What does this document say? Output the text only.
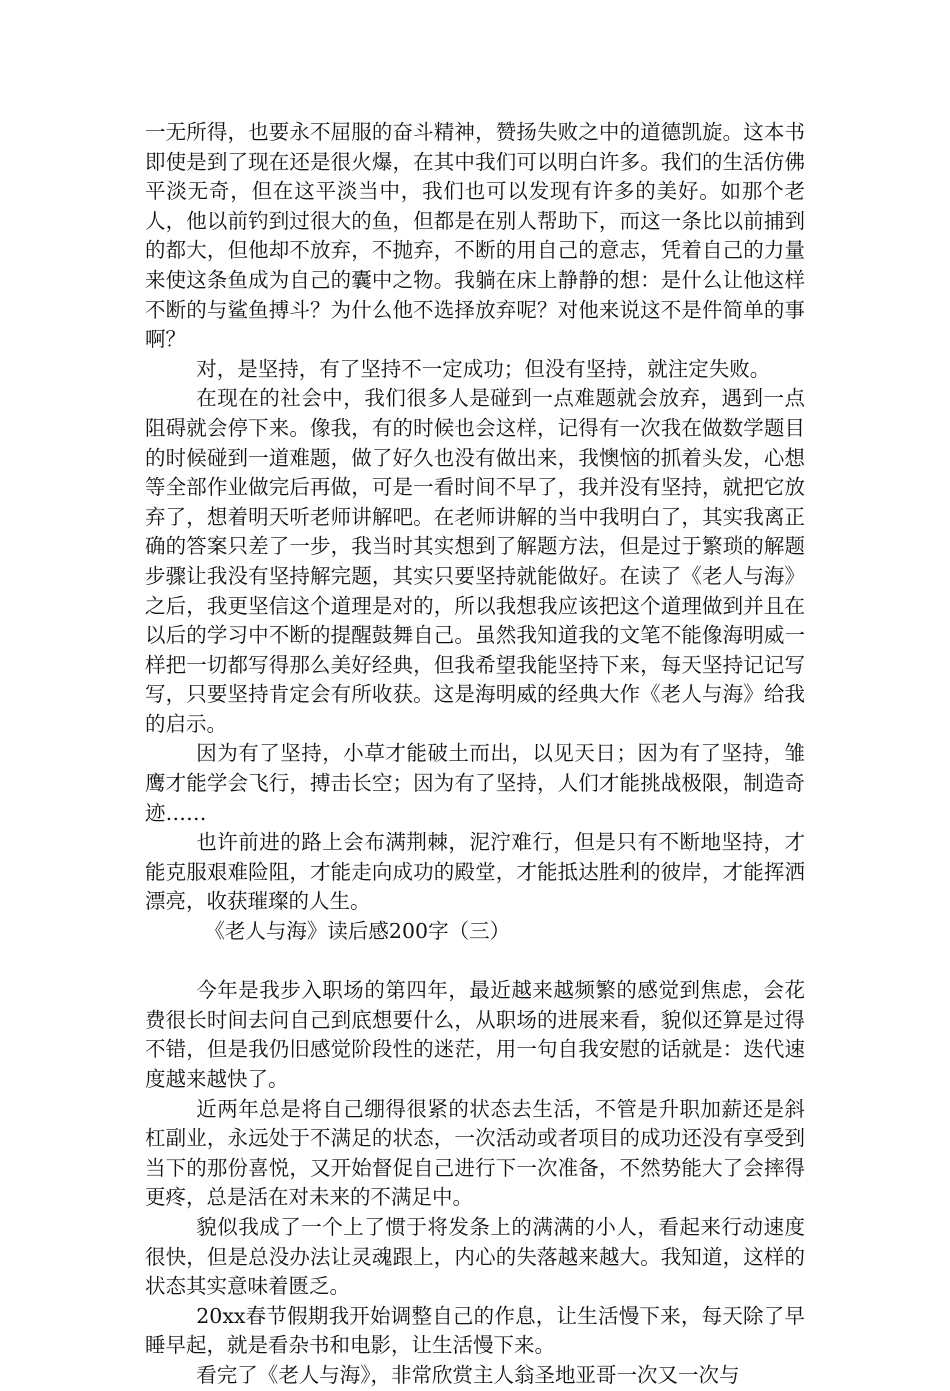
一无所得，也要永不屈服的奋斗精神，赞扬失败之中的道德凯旋。这本书即使是到了现在还是很火爆，在其中我们可以明白许多。我们的生活仿佛平淡无奇，但在这平淡当中，我们也可以发现有许多的美好。如那个老人，他以前钓到过很大的鱼，但都是在别人帮助下，而这一条比以前捕到的都大，但他却不放弃，不抛弃，不断的用自己的意志，凭着自己的力量来使这条鱼成为自己的囊中之物。我躺在床上静静的想：是什么让他这样不断的与鲨鱼搏斗？为什么他不选择放弃呢？对他来说这不是件简单的事啊？

对，是坚持，有了坚持不一定成功；但没有坚持，就注定失败。

在现在的社会中，我们很多人是碰到一点难题就会放弃，遇到一点阻碍就会停下来。像我，有的时候也会这样，记得有一次我在做数学题目的时候碰到一道难题，做了好久也没有做出来，我懊恼的抓着头发，心想等全部作业做完后再做，可是一看时间不早了，我并没有坚持，就把它放弃了，想着明天听老师讲解吧。在老师讲解的当中我明白了，其实我离正确的答案只差了一步，我当时其实想到了解题方法，但是过于繁琐的解题步骤让我没有坚持解完题，其实只要坚持就能做好。在读了《老人与海》之后，我更坚信这个道理是对的，所以我想我应该把这个道理做到并且在以后的学习中不断的提醒鼓舞自己。虽然我知道我的文笔不能像海明威一样把一切都写得那么美好经典，但我希望我能坚持下来，每天坚持记记写写，只要坚持肯定会有所收获。这是海明威的经典大作《老人与海》给我的启示。

因为有了坚持，小草才能破土而出，以见天日；因为有了坚持，雏鹰才能学会飞行，搏击长空；因为有了坚持，人们才能挑战极限，制造奇迹……

也许前进的路上会布满荆棘，泥泞难行，但是只有不断地坚持，才能克服艰难险阻，才能走向成功的殿堂，才能抵达胜利的彼岸，才能挥洒漂亮，收获璀璨的人生。

《老人与海》读后感200字（三）

今年是我步入职场的第四年，最近越来越频繁的感觉到焦虑，会花费很长时间去问自己到底想要什么，从职场的进展来看，貌似还算是过得不错，但是我仍旧感觉阶段性的迷茫，用一句自我安慰的话就是：迭代速度越来越快了。

近两年总是将自己绷得很紧的状态去生活，不管是升职加薪还是斜杠副业，永远处于不满足的状态，一次活动或者项目的成功还没有享受到当下的那份喜悦，又开始督促自己进行下一次准备，不然势能大了会摔得更疼，总是活在对未来的不满足中。

貌似我成了一个上了惯于将发条上的满满的小人，看起来行动速度很快，但是总没办法让灵魂跟上，内心的失落越来越大。我知道，这样的状态其实意味着匮乏。

20xx春节假期我开始调整自己的作息，让生活慢下来，每天除了早睡早起，就是看杂书和电影，让生活慢下来。

看完了《老人与海》，非常欣赏主人翁圣地亚哥一次又一次与
